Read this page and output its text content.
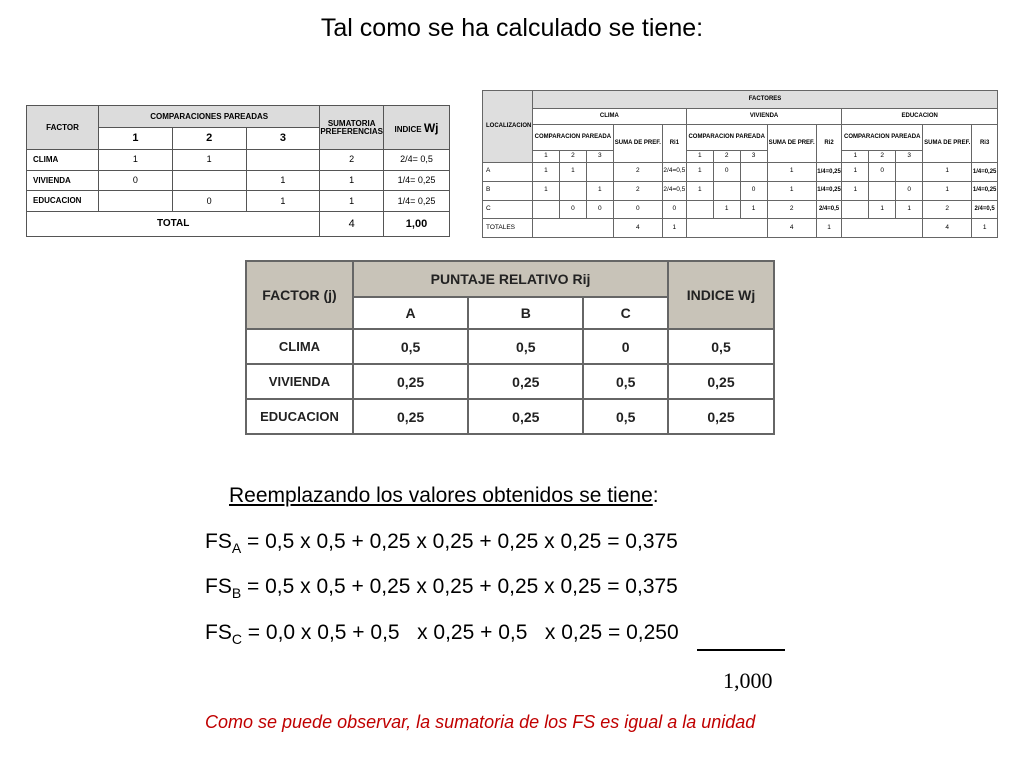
Tal como se ha calculado se tiene:
FACTOR	COMPARACIONES PAREADAS			SUMATORIA PREFERENCIAS	INDICE Wj
	1	2	3		
CLIMA	1	1		2	2/4= 0,5
VIVIENDA	0		1	1	1/4= 0,25
EDUCACION		0	1	1	1/4= 0,25
TOTAL				4	1,00
LOCALIZACION	FACTORES														
	CLIMA					VIVIENDA					EDUCACION				
	COMPARACION PAREADA			SUMA DE PREF.	Ri1	COMPARACION PAREADA			SUMA DE PREF.	Ri2	COMPARACION PAREADA			SUMA DE PREF.	Ri3
	1	2	3			1	2	3			1	2	3		
A	1	1		2	2/4=0,5	1	0		1	1/4=0,25	1	0		1	1/4=0,25
B	1		1	2	2/4=0,5	1		0	1	1/4=0,25	1		0	1	1/4=0,25
C		0	0	0	0		1	1	2	2/4=0,5		1	1	2	2/4=0,5
TOTALES				4	1				4	1				4	1
FACTOR (j)	PUNTAJE RELATIVO Rij			INDICE Wj
	A	B	C	
CLIMA	0,5	0,5	0	0,5
VIVIENDA	0,25	0,25	0,5	0,25
EDUCACION	0,25	0,25	0,5	0,25
Reemplazando los valores obtenidos se tiene:
$FS_A = 0,5$ x 0,5 + 0,25 x 0,25 + 0,25 x 0,25 = 0,375
$FS_B = 0,5$ x 0,5 + 0,25 x 0,25 + 0,25 x 0,25 = 0,375
$FS_C = 0,0$ x 0,5 + 0,5   x 0,25 + 0,5   x 0,25 = 0,250
1,000
Como se puede observar, la sumatoria de los FS es igual a la unidad
